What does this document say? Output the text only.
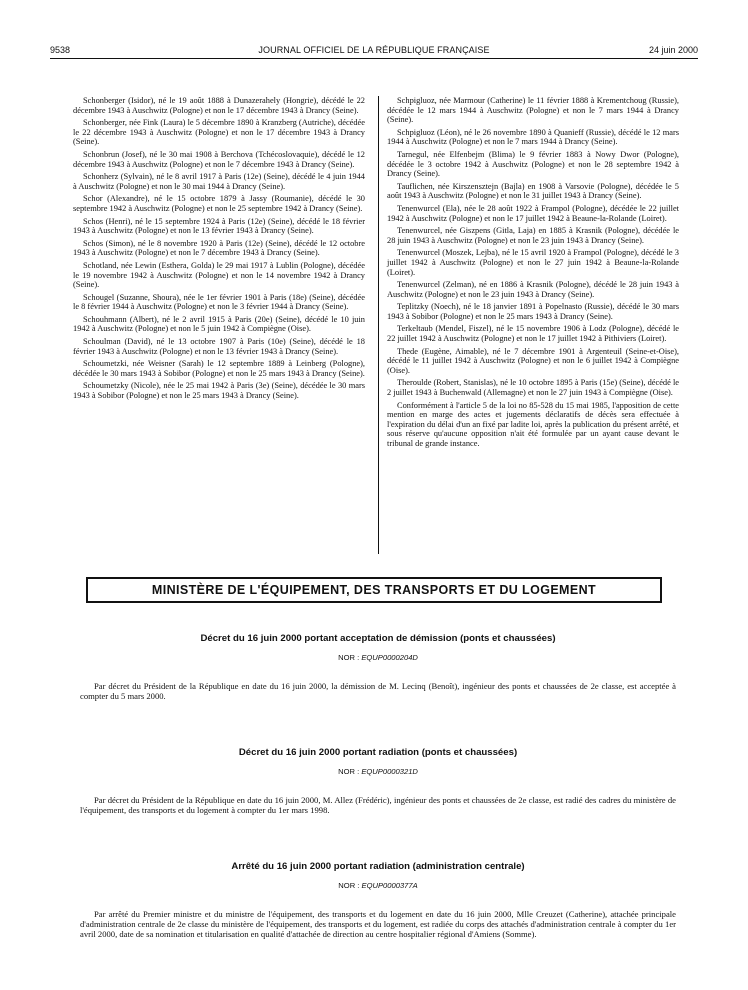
9538	JOURNAL OFFICIEL DE LA RÉPUBLIQUE FRANÇAISE	24 juin 2000

Schonberger (Isidor), né le 19 août 1888 à Dunazerahely (Hongrie), décédé le 22 décembre 1943 à Auschwitz (Pologne) et non le 17 décembre 1943 à Drancy (Seine).

Schonberger, née Fink (Laura) le 5 décembre 1890 à Kranzberg (Autriche), décédée le 22 décembre 1943 à Auschwitz (Pologne) et non le 17 décembre 1943 à Drancy (Seine).

Schonbrun (Josef), né le 30 mai 1908 à Berchova (Tchécoslovaquie), décédé le 12 décembre 1943 à Auschwitz (Pologne) et non le 7 décembre 1943 à Drancy (Seine).

Schonherz (Sylvain), né le 8 avril 1917 à Paris (12e) (Seine), décédé le 4 juin 1944 à Auschwitz (Pologne) et non le 30 mai 1944 à Drancy (Seine).

Schor (Alexandre), né le 15 octobre 1879 à Jassy (Roumanie), décédé le 30 septembre 1942 à Auschwitz (Pologne) et non le 25 septembre 1942 à Drancy (Seine).

Schos (Henri), né le 15 septembre 1924 à Paris (12e) (Seine), décédé le 18 février 1943 à Auschwitz (Pologne) et non le 13 février 1943 à Drancy (Seine).

Schos (Simon), né le 8 novembre 1920 à Paris (12e) (Seine), décédé le 12 octobre 1943 à Auschwitz (Pologne) et non le 7 décembre 1943 à Drancy (Seine).

Schotland, née Lewin (Esthera, Golda) le 29 mai 1917 à Lublin (Pologne), décédée le 19 novembre 1942 à Auschwitz (Pologne) et non le 14 novembre 1942 à Drancy (Seine).

Schougel (Suzanne, Shoura), née le 1er février 1901 à Paris (18e) (Seine), décédée le 8 février 1944 à Auschwitz (Pologne) et non le 3 février 1944 à Drancy (Seine).

Schouhmann (Albert), né le 2 avril 1915 à Paris (20e) (Seine), décédé le 10 juin 1942 à Auschwitz (Pologne) et non le 5 juin 1942 à Compiègne (Oise).

Schoulman (David), né le 13 octobre 1907 à Paris (10e) (Seine), décédé le 18 février 1943 à Auschwitz (Pologne) et non le 13 février 1943 à Drancy (Seine).

Schoumetzki, née Weisner (Sarah) le 12 septembre 1889 à Leinberg (Pologne), décédée le 30 mars 1943 à Sobibor (Pologne) et non le 25 mars 1943 à Drancy (Seine).

Schoumetzky (Nicole), née le 25 mai 1942 à Paris (3e) (Seine), décédée le 30 mars 1943 à Sobibor (Pologne) et non le 25 mars 1943 à Drancy (Seine).

Schpigluoz, née Marmour (Catherine) le 11 février 1888 à Krementchoug (Russie), décédée le 12 mars 1944 à Auschwitz (Pologne) et non le 7 mars 1944 à Drancy (Seine).

Schpigluoz (Léon), né le 26 novembre 1890 à Quanieff (Russie), décédé le 12 mars 1944 à Auschwitz (Pologne) et non le 7 mars 1944 à Drancy (Seine).

Tarnegul, née Elfenbejm (Blima) le 9 février 1883 à Nowy Dwor (Pologne), décédée le 3 octobre 1942 à Auschwitz (Pologne) et non le 28 septembre 1942 à Drancy (Seine).

Tauflichen, née Kirszensztejn (Bajla) en 1908 à Varsovie (Pologne), décédée le 5 août 1943 à Auschwitz (Pologne) et non le 31 juillet 1943 à Drancy (Seine).

Tenenwurcel (Ela), née le 28 août 1922 à Frampol (Pologne), décédée le 22 juillet 1942 à Auschwitz (Pologne) et non le 17 juillet 1942 à Beaune-la-Rolande (Loiret).

Tenenwurcel, née Giszpens (Gitla, Laja) en 1885 à Krasnik (Pologne), décédée le 28 juin 1943 à Auschwitz (Pologne) et non le 23 juin 1943 à Drancy (Seine).

Tenenwurcel (Moszek, Lejba), né le 15 avril 1920 à Frampol (Pologne), décédé le 3 juillet 1942 à Auschwitz (Pologne) et non le 27 juin 1942 à Beaune-la-Rolande (Loiret).

Tenenwurcel (Zelman), né en 1886 à Krasnik (Pologne), décédé le 28 juin 1943 à Auschwitz (Pologne) et non le 23 juin 1943 à Drancy (Seine).

Teplitzky (Noech), né le 18 janvier 1891 à Popelnasto (Russie), décédé le 30 mars 1943 à Sobibor (Pologne) et non le 25 mars 1943 à Drancy (Seine).

Terkeltaub (Mendel, Fiszel), né le 15 novembre 1906 à Lodz (Pologne), décédé le 22 juillet 1942 à Auschwitz (Pologne) et non le 17 juillet 1942 à Pithiviers (Loiret).

Thede (Eugène, Aimable), né le 7 décembre 1901 à Argenteuil (Seine-et-Oise), décédé le 11 juillet 1942 à Auschwitz (Pologne) et non le 6 juillet 1942 à Compiègne (Oise).

Theroulde (Robert, Stanislas), né le 10 octobre 1895 à Paris (15e) (Seine), décédé le 2 juillet 1943 à Buchenwald (Allemagne) et non le 27 juin 1943 à Compiègne (Oise).

Conformément à l'article 5 de la loi no 85-528 du 15 mai 1985, l'apposition de cette mention en marge des actes et jugements déclaratifs de décès sera effectuée à l'expiration du délai d'un an fixé par ladite loi, après la publication du présent arrêté, et sous réserve qu'aucune opposition n'ait été formulée par un ayant cause devant le tribunal de grande instance.

MINISTÈRE DE L'ÉQUIPEMENT, DES TRANSPORTS ET DU LOGEMENT
Décret du 16 juin 2000 portant acceptation de démission (ponts et chaussées)
NOR : EQUP0000204D
Par décret du Président de la République en date du 16 juin 2000, la démission de M. Lecinq (Benoît), ingénieur des ponts et chaussées de 2e classe, est acceptée à compter du 5 mars 2000.
Décret du 16 juin 2000 portant radiation (ponts et chaussées)
NOR : EQUP0000321D
Par décret du Président de la République en date du 16 juin 2000, M. Allez (Frédéric), ingénieur des ponts et chaussées de 2e classe, est radié des cadres du ministère de l'équipement, des transports et du logement à compter du 1er mars 1998.
Arrêté du 16 juin 2000 portant radiation (administration centrale)
NOR : EQUP0000377A
Par arrêté du Premier ministre et du ministre de l'équipement, des transports et du logement en date du 16 juin 2000, Mlle Creuzet (Catherine), attachée principale d'administration centrale de 2e classe du ministère de l'équipement, des transports et du logement, est radiée du corps des attachés d'administration centrale à compter du 1er avril 2000, date de sa nomination et titularisation en qualité d'attachée de direction au centre hospitalier régional d'Amiens (Somme).
